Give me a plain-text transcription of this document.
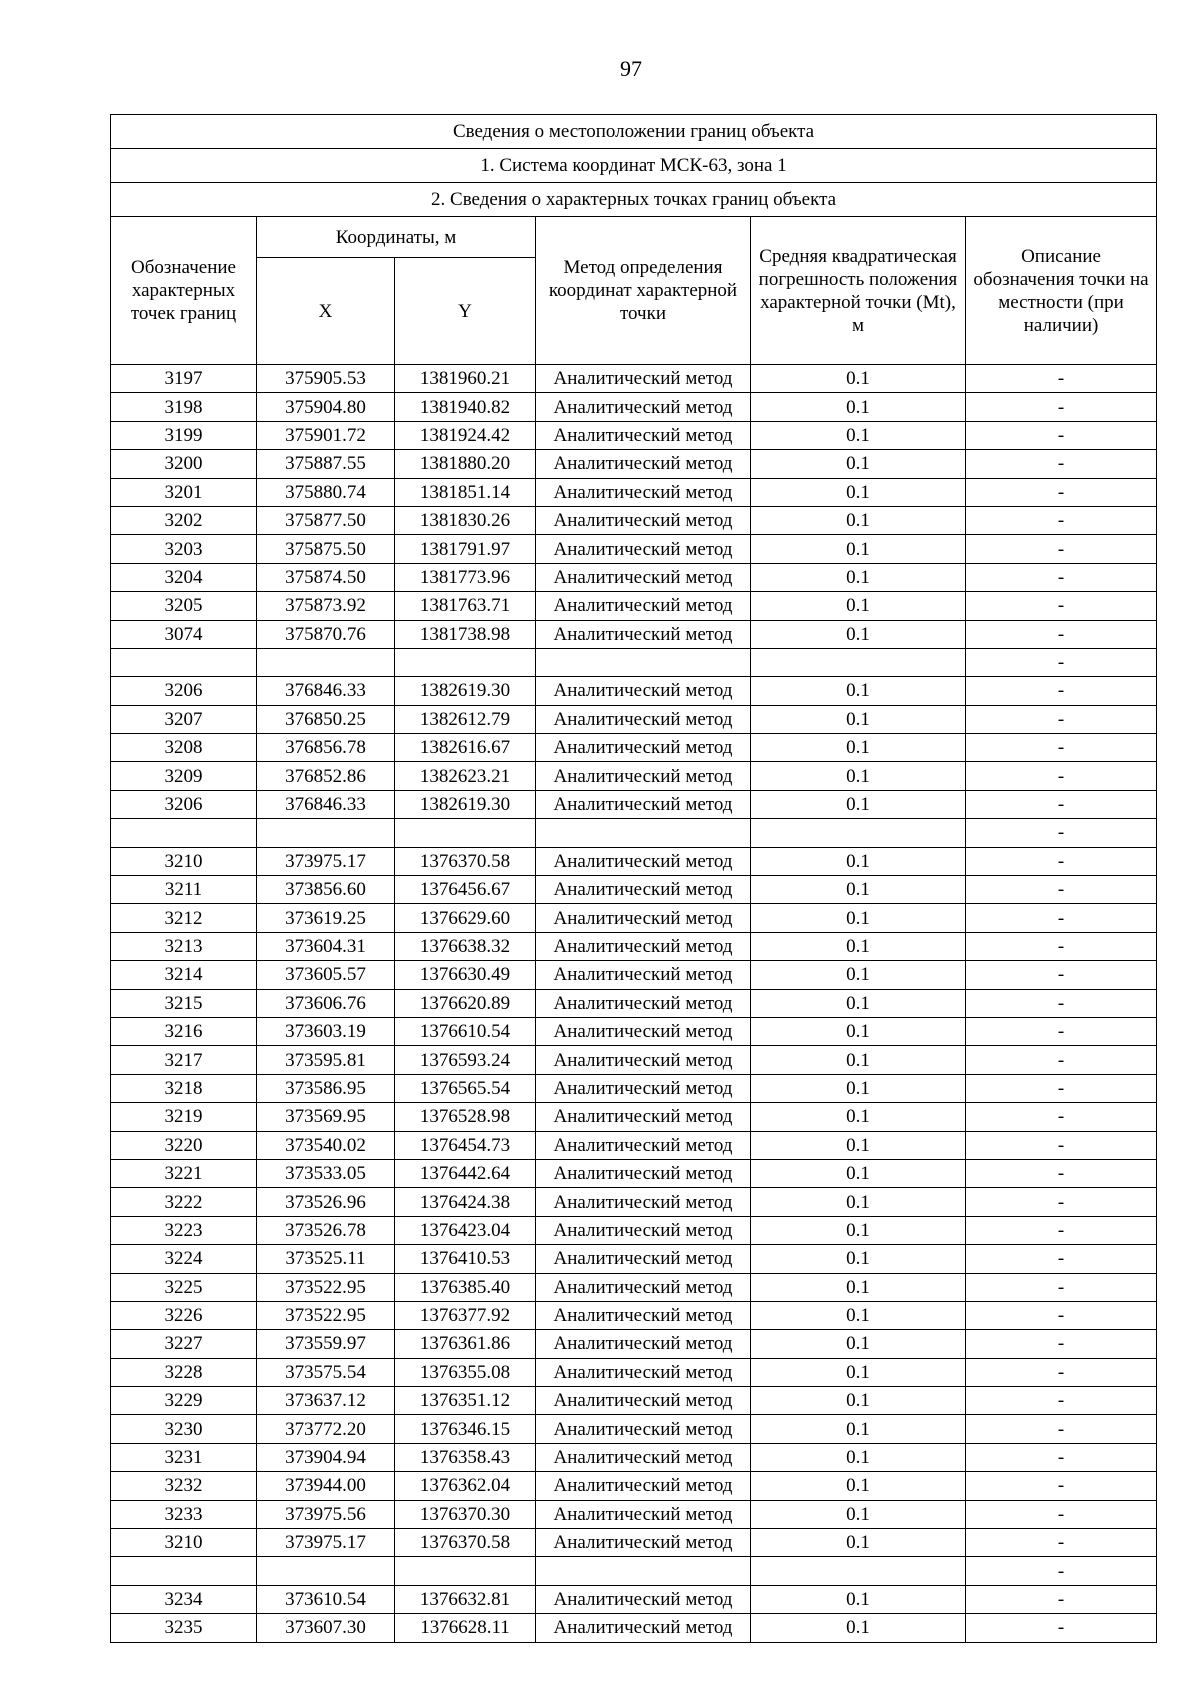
97
Сведения о местоположении границ объекта					
1. Система координат МСК-63, зона 1					
2. Сведения о характерных точках границ объекта					
Обозначение характерных точек границ	Координаты, м		Метод определения координат характерной точки	Средняя квадратическая погрешность положения характерной точки (Mt), м	Описание обозначения точки на местности (при наличии)
	X	Y			
3197	375905.53	1381960.21	Аналитический метод	0.1	-
3198	375904.80	1381940.82	Аналитический метод	0.1	-
3199	375901.72	1381924.42	Аналитический метод	0.1	-
3200	375887.55	1381880.20	Аналитический метод	0.1	-
3201	375880.74	1381851.14	Аналитический метод	0.1	-
3202	375877.50	1381830.26	Аналитический метод	0.1	-
3203	375875.50	1381791.97	Аналитический метод	0.1	-
3204	375874.50	1381773.96	Аналитический метод	0.1	-
3205	375873.92	1381763.71	Аналитический метод	0.1	-
3074	375870.76	1381738.98	Аналитический метод	0.1	-
					-
3206	376846.33	1382619.30	Аналитический метод	0.1	-
3207	376850.25	1382612.79	Аналитический метод	0.1	-
3208	376856.78	1382616.67	Аналитический метод	0.1	-
3209	376852.86	1382623.21	Аналитический метод	0.1	-
3206	376846.33	1382619.30	Аналитический метод	0.1	-
					-
3210	373975.17	1376370.58	Аналитический метод	0.1	-
3211	373856.60	1376456.67	Аналитический метод	0.1	-
3212	373619.25	1376629.60	Аналитический метод	0.1	-
3213	373604.31	1376638.32	Аналитический метод	0.1	-
3214	373605.57	1376630.49	Аналитический метод	0.1	-
3215	373606.76	1376620.89	Аналитический метод	0.1	-
3216	373603.19	1376610.54	Аналитический метод	0.1	-
3217	373595.81	1376593.24	Аналитический метод	0.1	-
3218	373586.95	1376565.54	Аналитический метод	0.1	-
3219	373569.95	1376528.98	Аналитический метод	0.1	-
3220	373540.02	1376454.73	Аналитический метод	0.1	-
3221	373533.05	1376442.64	Аналитический метод	0.1	-
3222	373526.96	1376424.38	Аналитический метод	0.1	-
3223	373526.78	1376423.04	Аналитический метод	0.1	-
3224	373525.11	1376410.53	Аналитический метод	0.1	-
3225	373522.95	1376385.40	Аналитический метод	0.1	-
3226	373522.95	1376377.92	Аналитический метод	0.1	-
3227	373559.97	1376361.86	Аналитический метод	0.1	-
3228	373575.54	1376355.08	Аналитический метод	0.1	-
3229	373637.12	1376351.12	Аналитический метод	0.1	-
3230	373772.20	1376346.15	Аналитический метод	0.1	-
3231	373904.94	1376358.43	Аналитический метод	0.1	-
3232	373944.00	1376362.04	Аналитический метод	0.1	-
3233	373975.56	1376370.30	Аналитический метод	0.1	-
3210	373975.17	1376370.58	Аналитический метод	0.1	-
					-
3234	373610.54	1376632.81	Аналитический метод	0.1	-
3235	373607.30	1376628.11	Аналитический метод	0.1	-
